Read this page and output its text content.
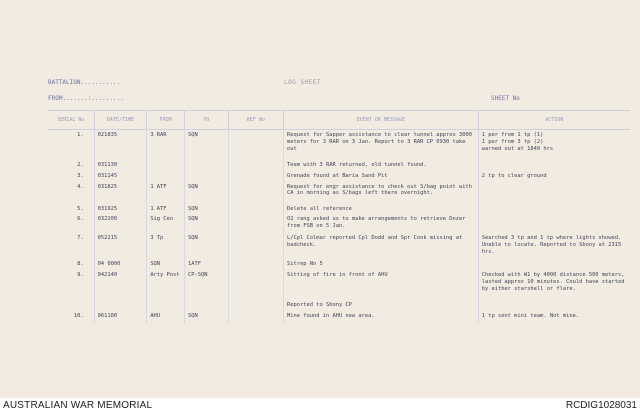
LOG SHEET
BATTALION...........
FROM.......:.........	SHEET No
SERIAL No	DATE/TIME	FROM	TO	REF No	EVENT OR MESSAGE	ACTION
1.	021835	3 RAR	SQN		Request for Sapper assistance to clear tunnel approx 3000 meters for 3 RAR on 3 Jan. Report to 3 RAR CP 0930 take out	1 per from 1 tp (1)
1 per from 3 tp (2)
warned out at 1840 hrs
2.	031130				Team with 3 RAR returned, old tunnel found.	
3.	031145				Grenade found at Baria Sand Pit	2 tp to clear ground
4.	031825	1 ATF	SQN		Request for engr assistance to check out S/bag point with CA in morning as S/bags left there overnight.	
5.	031925	1 ATF	SQN		Delete all reference	
6.	032200	Sig Cen	SQN		O2 rang asked us to make arrangements to retrieve Dozer from FSB on 5 Jan.	
7.	052215	3 Tp	SQN		L/Cpl Colmar reported Cpl Dodd and Spr Cook missing at badcheck.	Searched 3 tp and 1 tp where lights showed. Unable to locate. Reported to Sbony at 2315 hrs.
8.	04 0000	SQN	1ATF		Sitrep No 5	
9.	042140	Arty Post	CP-SQN		Sitting of fire in front of AHU	Checked with W1 by 4000 distance 500 meters, lasted approx 10 minutes. Could have started by either starshell or flare.
					Reported to Sbony CP	
10.	061100	AHU	SQN		Mine found in AHU new area.	1 tp sent mini team. Not mine.
AUSTRALIAN WAR MEMORIAL	RCDIG1028031
